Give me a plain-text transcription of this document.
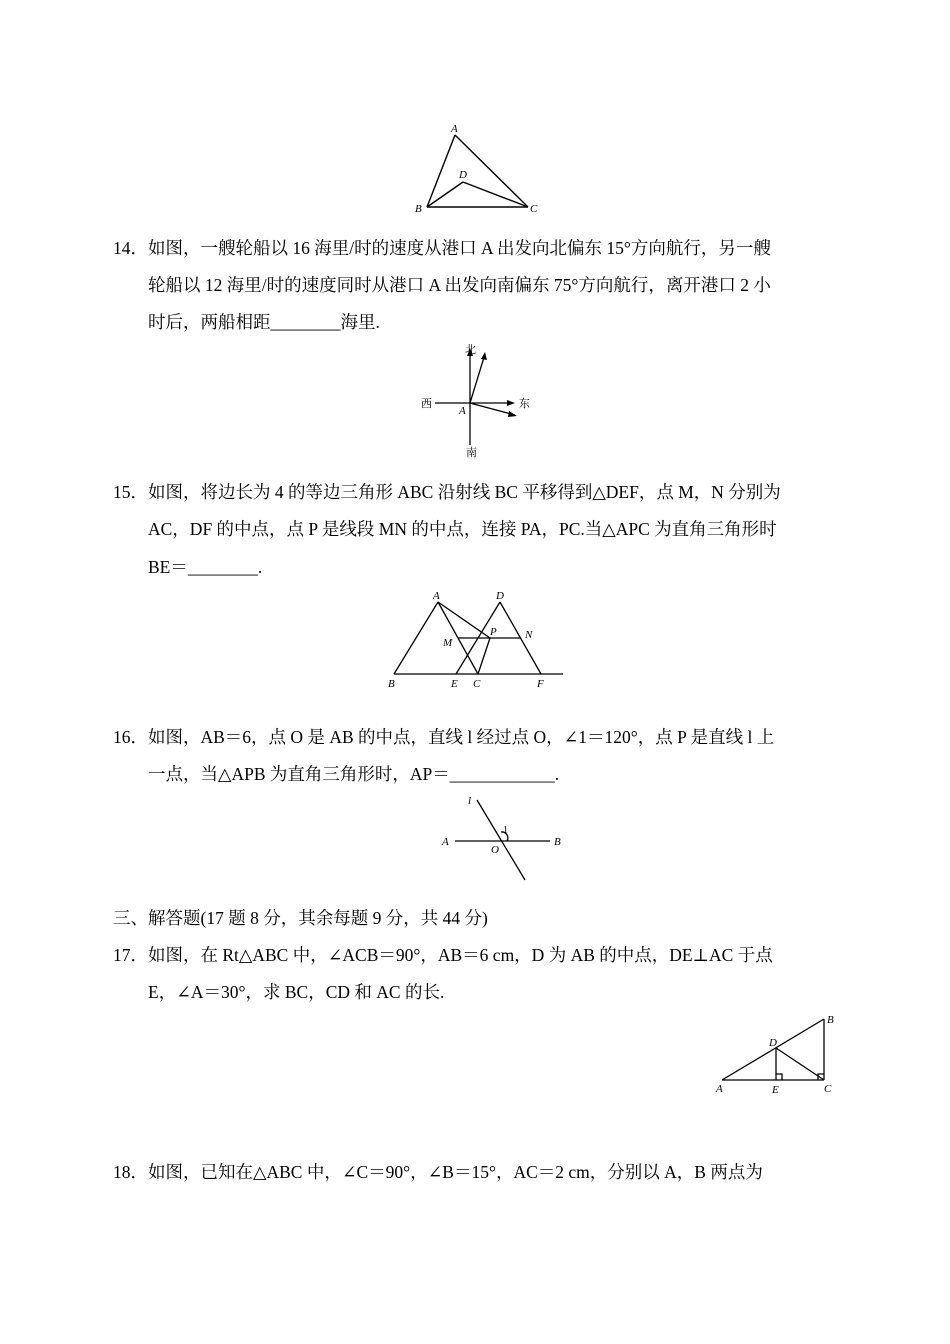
A
D
B	C
14．如图，一艘轮船以 16 海里/时的速度从港口 A 出发向北偏东 15°方向航行，另一艘
轮船以 12 海里/时的速度同时从港口 A 出发向南偏东 75°方向航行，离开港口 2 小
时后，两船相距________海里.
北
西	东
南
A
15．如图，将边长为 4 的等边三角形 ABC 沿射线 BC 平移得到△DEF，点 M，N 分别为
AC，DF 的中点，点 P 是线段 MN 的中点，连接 PA，PC.当△APC 为直角三角形时
BE＝________.
A	D
P
M
N
B	E C	F
16．如图，AB＝6，点 O 是 AB 的中点，直线 l 经过点 O，∠1＝120°，点 P 是直线 l 上
一点，当△APB 为直角三角形时，AP＝____________.
l
1
A	B
O
三、解答题(17 题 8 分，其余每题 9 分，共 44 分)
17．如图，在 Rt△ABC 中，∠ACB＝90°，AB＝6 cm，D 为 AB 的中点，DE⊥AC 于点
E，∠A＝30°，求 BC，CD 和 AC 的长.
B
D
A	E	C
18．如图，已知在△ABC 中，∠C＝90°，∠B＝15°，AC＝2 cm，分别以 A，B 两点为
